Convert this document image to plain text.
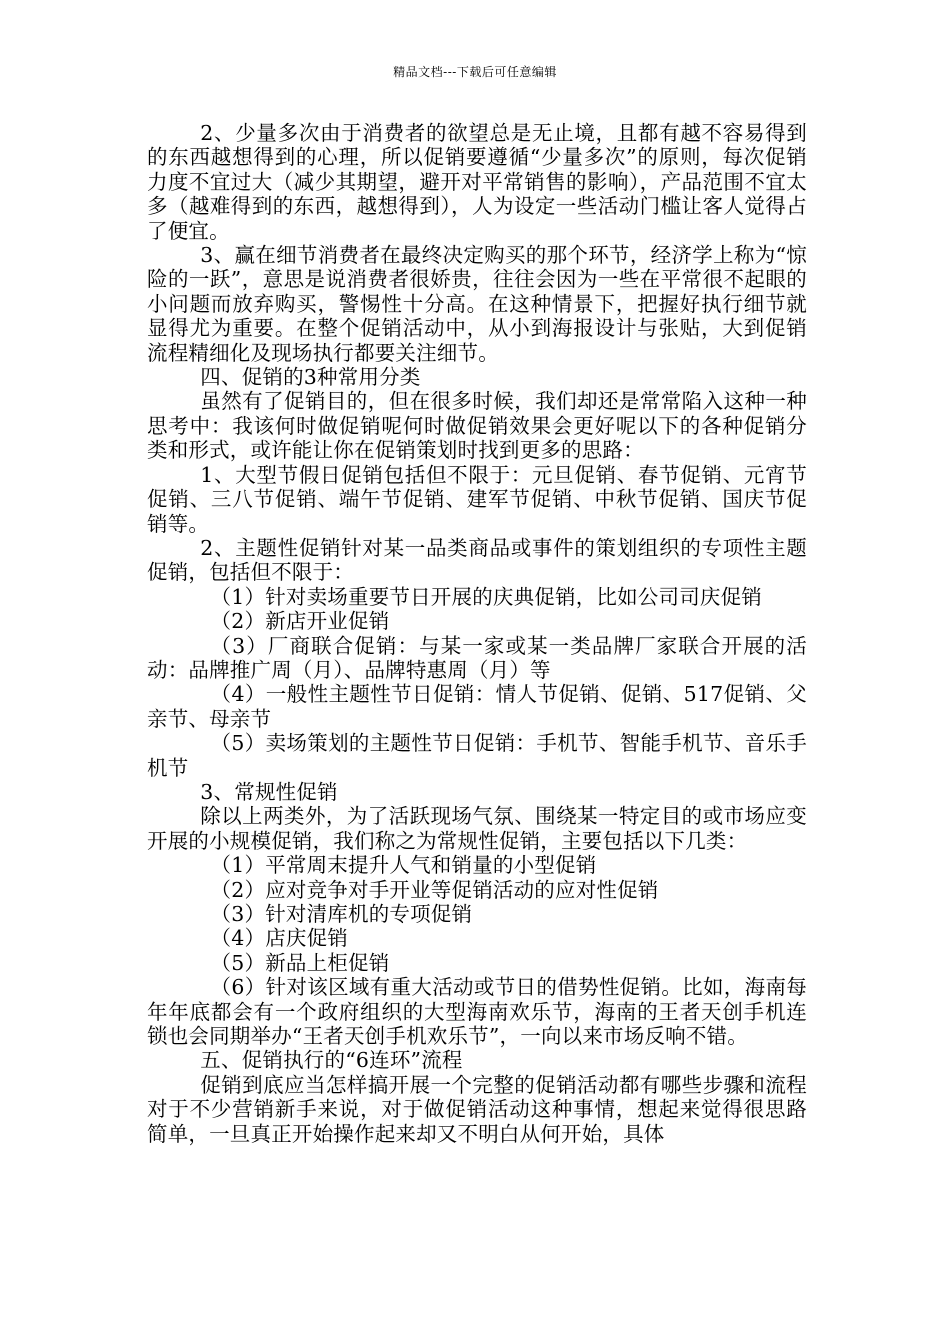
精品文档---下载后可任意编辑

2、少量多次由于消费者的欲望总是无止境，且都有越不容易得到的东西越想得到的心理，所以促销要遵循“少量多次”的原则，每次促销力度不宜过大（减少其期望，避开对平常销售的影响），产品范围不宜太多（越难得到的东西，越想得到），人为设定一些活动门槛让客人觉得占了便宜。

3、赢在细节消费者在最终决定购买的那个环节，经济学上称为“惊险的一跃”，意思是说消费者很娇贵，往往会因为一些在平常很不起眼的小问题而放弃购买，警惕性十分高。在这种情景下，把握好执行细节就显得尤为重要。在整个促销活动中，从小到海报设计与张贴，大到促销流程精细化及现场执行都要关注细节。

四、促销的3种常用分类

虽然有了促销目的，但在很多时候，我们却还是常常陷入这种一种思考中：我该何时做促销呢何时做促销效果会更好呢以下的各种促销分类和形式，或许能让你在促销策划时找到更多的思路：

1、大型节假日促销包括但不限于：元旦促销、春节促销、元宵节促销、三八节促销、端午节促销、建军节促销、中秋节促销、国庆节促销等。

2、主题性促销针对某一品类商品或事件的策划组织的专项性主题促销，包括但不限于：

（1）针对卖场重要节日开展的庆典促销，比如公司司庆促销

（2）新店开业促销

（3）厂商联合促销：与某一家或某一类品牌厂家联合开展的活动：品牌推广周（月）、品牌特惠周（月）等

（4）一般性主题性节日促销：情人节促销、促销、517促销、父亲节、母亲节

（5）卖场策划的主题性节日促销：手机节、智能手机节、音乐手机节

3、常规性促销

除以上两类外，为了活跃现场气氛、围绕某一特定目的或市场应变开展的小规模促销，我们称之为常规性促销，主要包括以下几类：

（1）平常周末提升人气和销量的小型促销

（2）应对竞争对手开业等促销活动的应对性促销

（3）针对清库机的专项促销

（4）店庆促销

（5）新品上柜促销

（6）针对该区域有重大活动或节日的借势性促销。比如，海南每年年底都会有一个政府组织的大型海南欢乐节，海南的王者天创手机连锁也会同期举办“王者天创手机欢乐节”，一向以来市场反响不错。

五、促销执行的“6连环”流程

促销到底应当怎样搞开展一个完整的促销活动都有哪些步骤和流程对于不少营销新手来说，对于做促销活动这种事情，想起来觉得很思路简单，一旦真正开始操作起来却又不明白从何开始，具体
